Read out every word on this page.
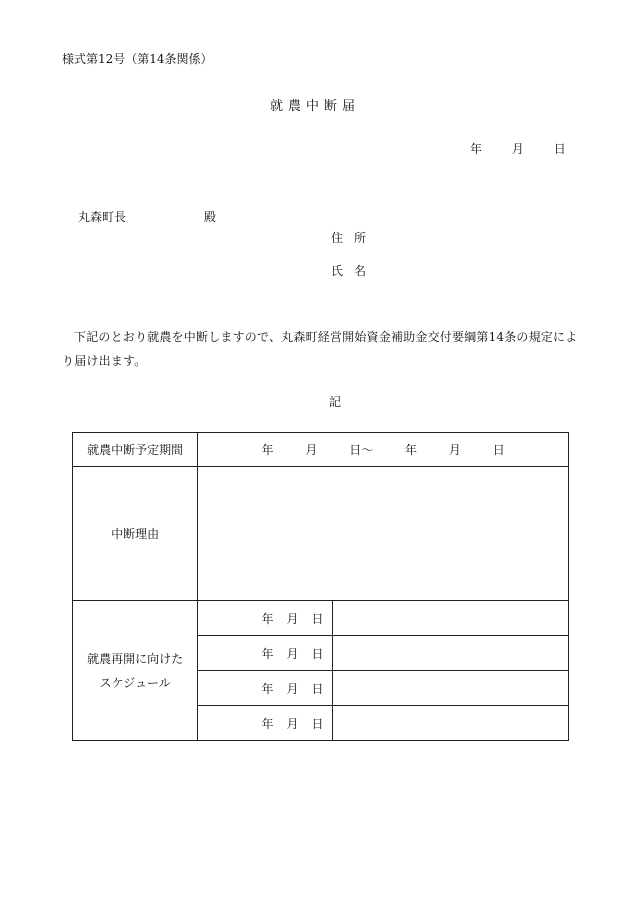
様式第12号（第14条関係）
就農中断届
年 月 日
丸森町長	殿
住所
氏名
下記のとおり就農を中断しますので、丸森町経営開始資金補助金交付要綱第14条の規定により届け出ます。
記
就農中断予定期間	年 月 日～ 年 月 日	
中断理由		

就農再開に向けた
スケジュール	年 月 日	
	年 月 日	
	年 月 日	
	年 月 日	
